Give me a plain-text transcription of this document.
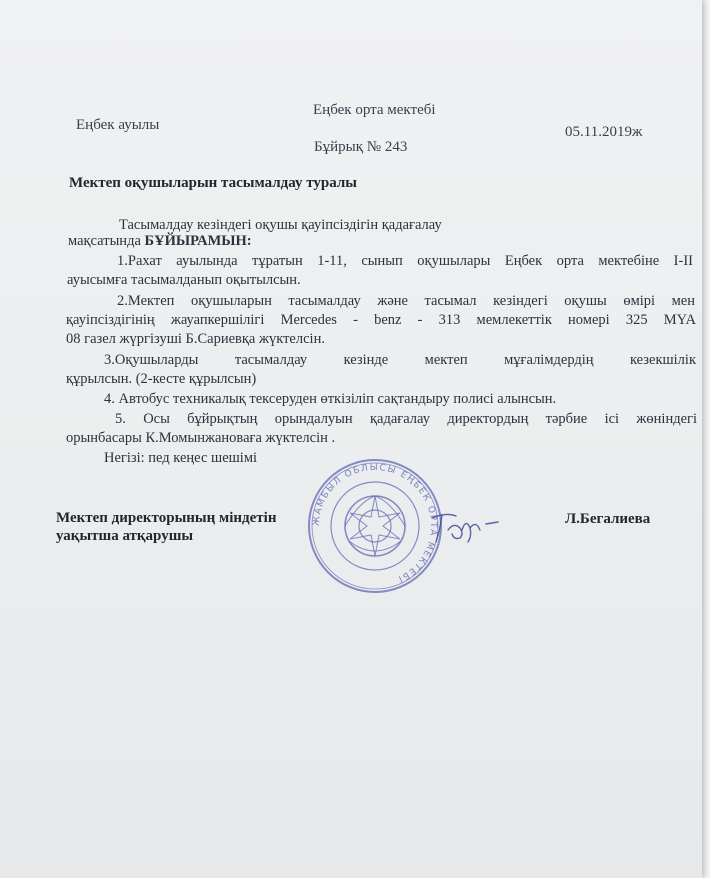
Еңбек ауылы
Еңбек орта мектебі
05.11.2019ж
Бұйрық № 243
Мектеп оқушыларын тасымалдау туралы
Тасымалдау кезіндегі оқушы қауіпсіздігін қадағалау
мақсатында БҰЙЫРАМЫН:
1.Рахат ауылында тұратын 1-11, сынып оқушылары Еңбек орта мектебіне I-II
ауысымға тасымалданып оқытылсын.
2.Мектеп оқушыларын тасымалдау және тасымал кезіндегі оқушы өмірі мен
қауіпсіздігінің жауапкершілігі Mercedes - benz - 313 мемлекеттік номері 325 MYA
08 газел жүргізуші Б.Сариевқа жүктелсін.
3.Оқушыларды тасымалдау кезінде мектеп мұғалімдердің кезекшілік
құрылсын. (2-кесте құрылсын)
4. Автобус техникалық тексеруден өткізіліп сақтандыру полисі алынсын.
5. Осы бұйрықтың орындалуын қадағалау директордың тәрбие ісі жөніндегі
орынбасары К.Момынжановаға жүктелсін .
Негізі: пед кеңес шешімі
ЖАМБЫЛ ОБЛЫСЫ ЕҢБЕК ОРТА МЕКТЕБІ
Мектеп директорының міндетін
уақытша атқарушы
Л.Бегалиева
